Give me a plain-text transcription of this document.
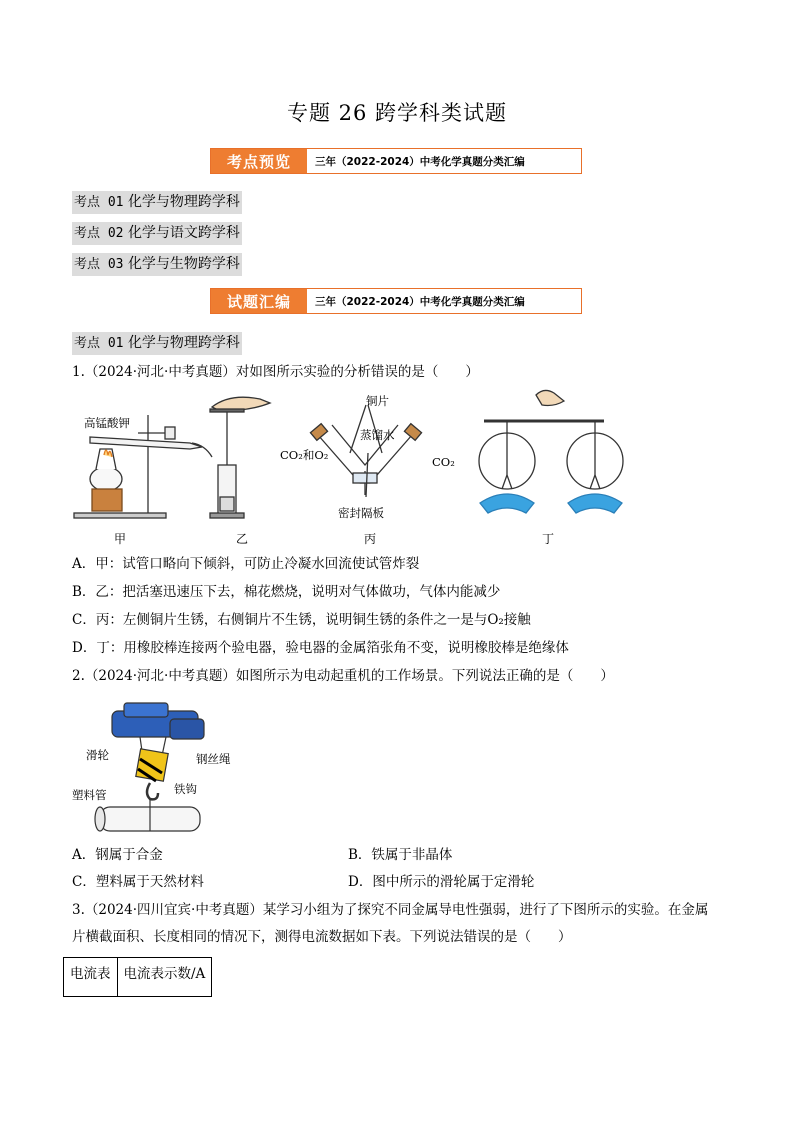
专题 26 跨学科类试题
考点预览	三年（2022-2024）中考化学真题分类汇编
考点 01 化学与物理跨学科
考点 02 化学与语文跨学科
考点 03 化学与生物跨学科
试题汇编	三年（2022-2024）中考化学真题分类汇编
考点 01 化学与物理跨学科
1.（2024·河北·中考真题）对如图所示实验的分析错误的是（　　）
高锰酸钾
铜片
蒸馏水
CO₂和O₂	CO₂
密封隔板
甲	乙	丙	丁
A．甲：试管口略向下倾斜，可防止冷凝水回流使试管炸裂
B．乙：把活塞迅速压下去，棉花燃烧，说明对气体做功，气体内能减少
C．丙：左侧铜片生锈，右侧铜片不生锈，说明铜生锈的条件之一是与O₂接触
D．丁：用橡胶棒连接两个验电器，验电器的金属箔张角不变，说明橡胶棒是绝缘体
2.（2024·河北·中考真题）如图所示为电动起重机的工作场景。下列说法正确的是（　　）
滑轮	钢丝绳
铁钩
塑料管
A．钢属于合金	B．铁属于非晶体
C．塑料属于天然材料	D．图中所示的滑轮属于定滑轮
3.（2024·四川宜宾·中考真题）某学习小组为了探究不同金属导电性强弱，进行了下图所示的实验。在金属
片横截面积、长度相同的情况下，测得电流数据如下表。下列说法错误的是（　　）
电流表	电流表示数/A
